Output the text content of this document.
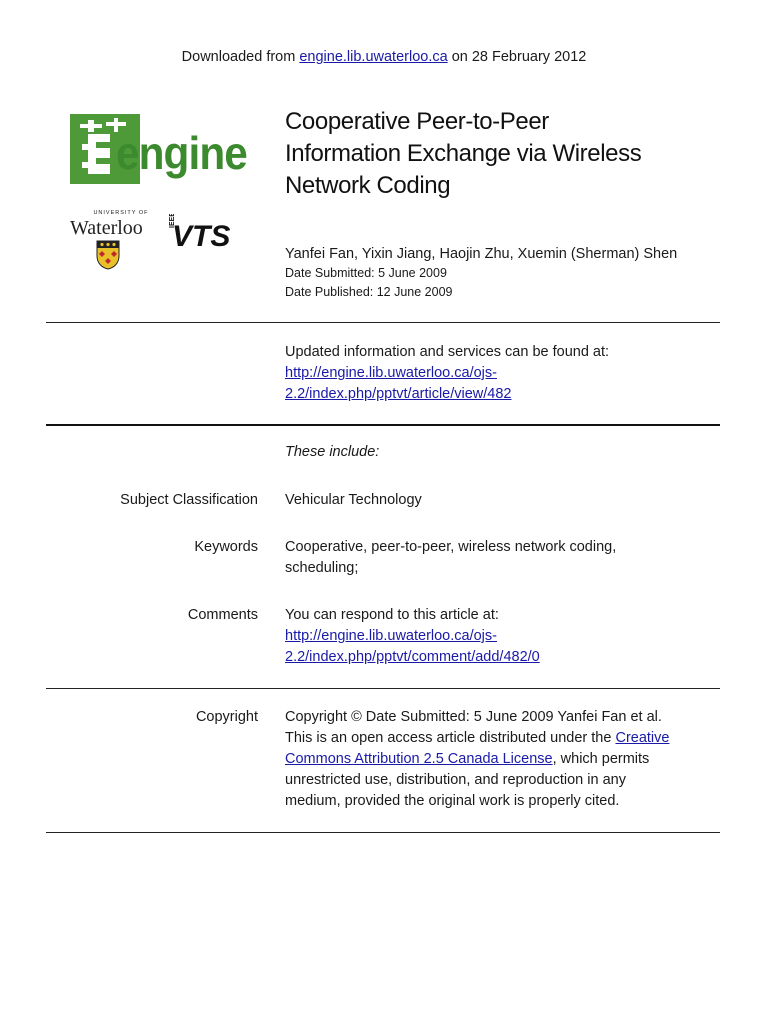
Downloaded from engine.lib.uwaterloo.ca on 28 February 2012
engine
UNIVERSITY OF
Waterloo	IEEE
VTS
Cooperative Peer-to-Peer
Information Exchange via Wireless
Network Coding
Yanfei Fan, Yixin Jiang, Haojin Zhu, Xuemin (Sherman) Shen
Date Submitted: 5 June 2009
Date Published: 12 June 2009
Updated information and services can be found at:
http://engine.lib.uwaterloo.ca/ojs-
2.2/index.php/pptvt/article/view/482
These include:
Subject Classification Vehicular Technology
Keywords Cooperative, peer-to-peer, wireless network coding,
scheduling;
Comments You can respond to this article at:
http://engine.lib.uwaterloo.ca/ojs-
2.2/index.php/pptvt/comment/add/482/0
Copyright Copyright © Date Submitted: 5 June 2009 Yanfei Fan et al.
This is an open access article distributed under the Creative
Commons Attribution 2.5 Canada License, which permits
unrestricted use, distribution, and reproduction in any
medium, provided the original work is properly cited.
